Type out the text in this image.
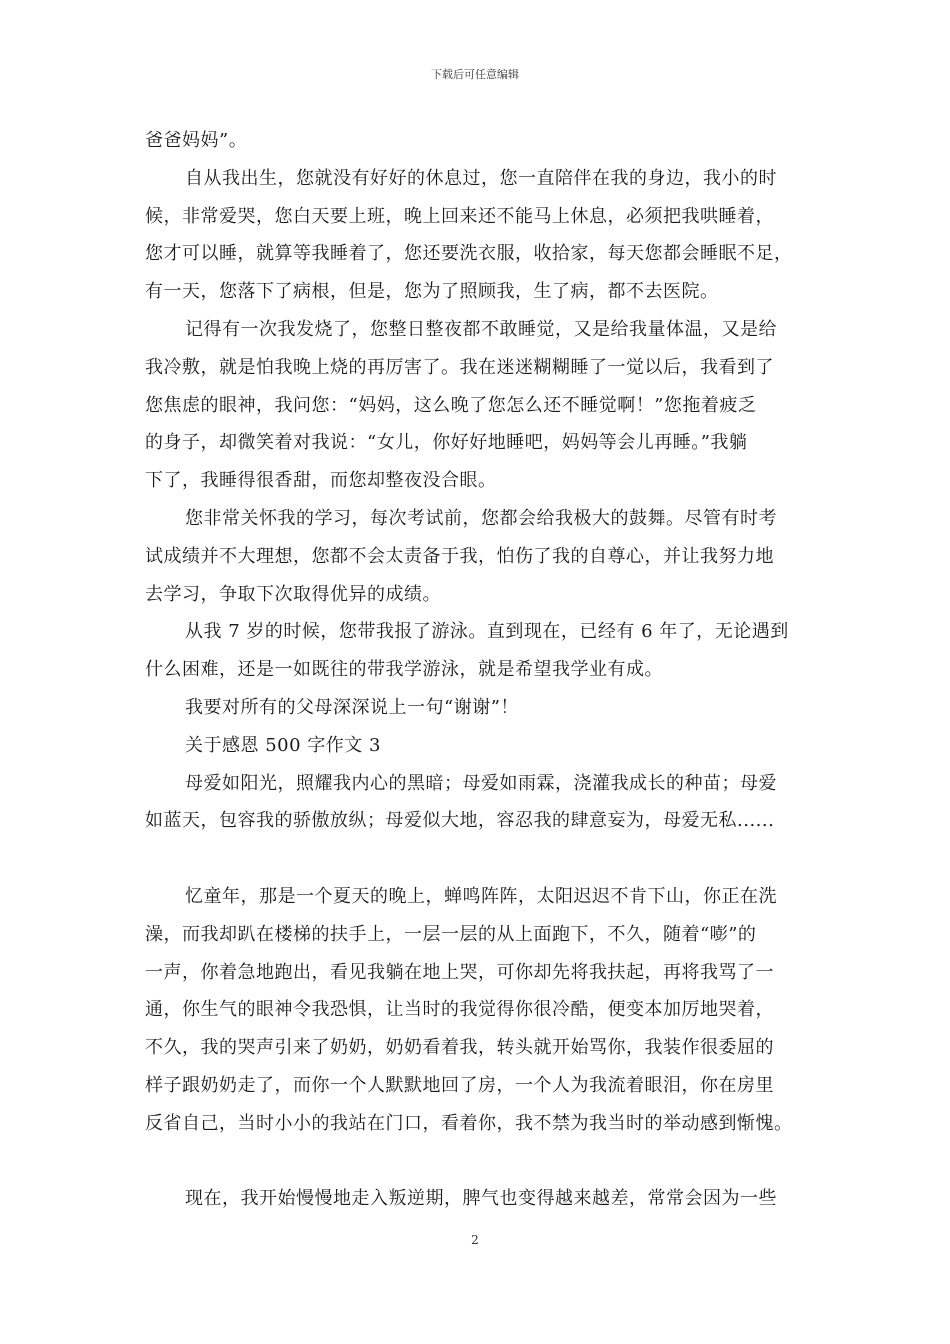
下载后可任意编辑
爸爸妈妈”。
自从我出生，您就没有好好的休息过，您一直陪伴在我的身边，我小的时
候，非常爱哭，您白天要上班，晚上回来还不能马上休息，必须把我哄睡着，
您才可以睡，就算等我睡着了，您还要洗衣服，收拾家，每天您都会睡眠不足，
有一天，您落下了病根，但是，您为了照顾我，生了病，都不去医院。
记得有一次我发烧了，您整日整夜都不敢睡觉，又是给我量体温，又是给
我冷敷，就是怕我晚上烧的再厉害了。我在迷迷糊糊睡了一觉以后，我看到了
您焦虑的眼神，我问您：“妈妈，这么晚了您怎么还不睡觉啊！”您拖着疲乏
的身子，却微笑着对我说：“女儿，你好好地睡吧，妈妈等会儿再睡。”我躺
下了，我睡得很香甜，而您却整夜没合眼。
您非常关怀我的学习，每次考试前，您都会给我极大的鼓舞。尽管有时考
试成绩并不大理想，您都不会太责备于我，怕伤了我的自尊心，并让我努力地
去学习，争取下次取得优异的成绩。
从我 7 岁的时候，您带我报了游泳。直到现在，已经有 6 年了，无论遇到
什么困难，还是一如既往的带我学游泳，就是希望我学业有成。
我要对所有的父母深深说上一句“谢谢”！
关于感恩 500 字作文 3
母爱如阳光，照耀我内心的黑暗；母爱如雨霖，浇灌我成长的种苗；母爱
如蓝天，包容我的骄傲放纵；母爱似大地，容忍我的肆意妄为，母爱无私......
忆童年，那是一个夏天的晚上，蝉鸣阵阵，太阳迟迟不肯下山，你正在洗
澡，而我却趴在楼梯的扶手上，一层一层的从上面跑下，不久，随着“嘭”的
一声，你着急地跑出，看见我躺在地上哭，可你却先将我扶起，再将我骂了一
通，你生气的眼神令我恐惧，让当时的我觉得你很冷酷，便变本加厉地哭着，
不久，我的哭声引来了奶奶，奶奶看着我，转头就开始骂你，我装作很委屈的
样子跟奶奶走了，而你一个人默默地回了房，一个人为我流着眼泪，你在房里
反省自己，当时小小的我站在门口，看着你，我不禁为我当时的举动感到惭愧。
现在，我开始慢慢地走入叛逆期，脾气也变得越来越差，常常会因为一些
2
